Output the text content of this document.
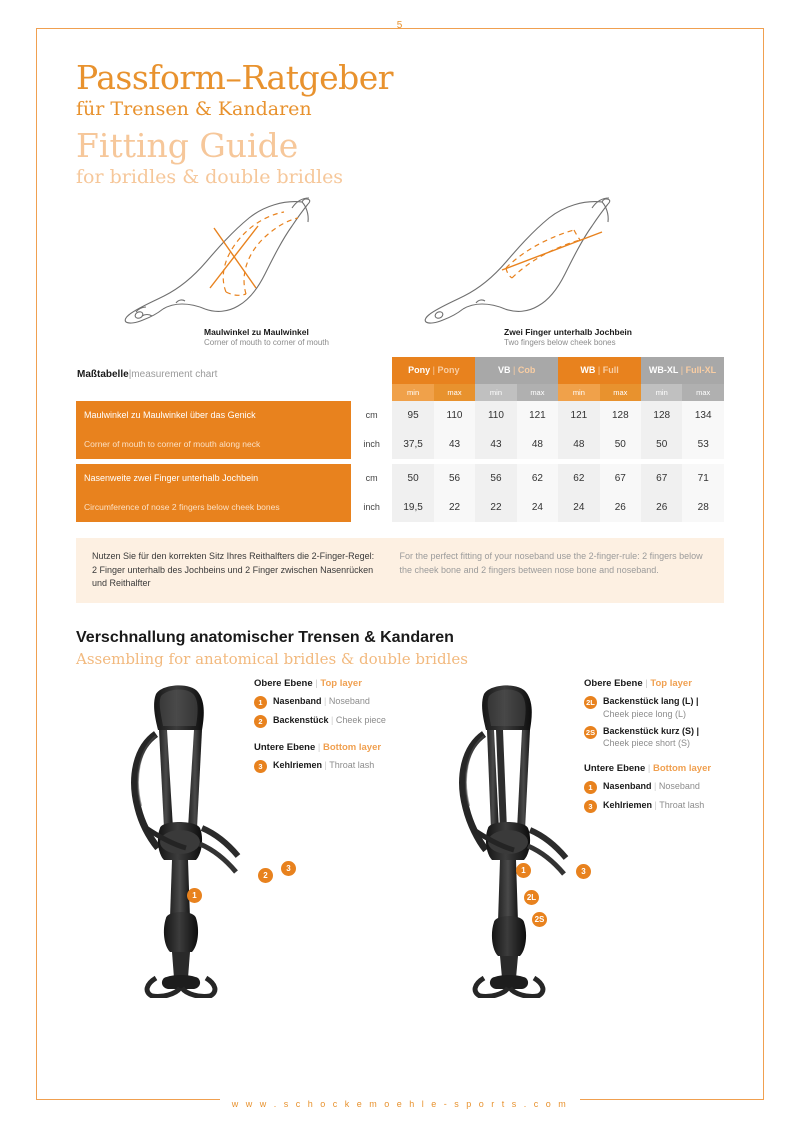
5
Passform–Ratgeber
für Trensen & Kandaren
Fitting Guide
for bridles & double bridles
Maulwinkel zu Maulwinkel
Corner of mouth to corner of mouth
Zwei Finger unterhalb Jochbein
Two fingers below cheek bones
Maßtabelle|measurement chart		Pony | Pony		VB | Cob		WB | Full		WB-XL | Full-XL	
		min	max	min	max	min	max	min	max
Maulwinkel zu Maulwinkel über das Genick	cm	95	110	110	121	121	128	128	134
Corner of mouth to corner of mouth along neck	inch	37,5	43	43	48	48	50	50	53

Nasenweite zwei Finger unterhalb Jochbein	cm	50	56	56	62	62	67	67	71
Circumference of nose 2 fingers below cheek bones	inch	19,5	22	22	24	24	26	26	28
Nutzen Sie für den korrekten Sitz Ihres Reithalfters die 2-Finger-Regel: 2 Finger unterhalb des Jochbeins und 2 Finger zwischen Nasenrücken und Reithalfter
For the perfect fitting of your noseband use the 2-finger-rule: 2 fingers below the cheek bone and 2 fingers between nose bone and noseband.
Verschnallung anatomischer Trensen & Kandaren
Assembling for anatomical bridles & double bridles
2
3
1
Obere Ebene | Top layer
1	Nasenband | Noseband
2	Backenstück | Cheek piece
Untere Ebene | Bottom layer
3	Kehlriemen | Throat lash
1
2L
2S
3
Obere Ebene | Top layer
2L Backenstück lang (L) |
Cheek piece long (L)
2S Backenstück kurz (S) |
Cheek piece short (S)
Untere Ebene | Bottom layer
1	Nasenband | Noseband
3	Kehlriemen | Throat lash
w w w . s c h o c k e m o e h l e - s p o r t s . c o m
